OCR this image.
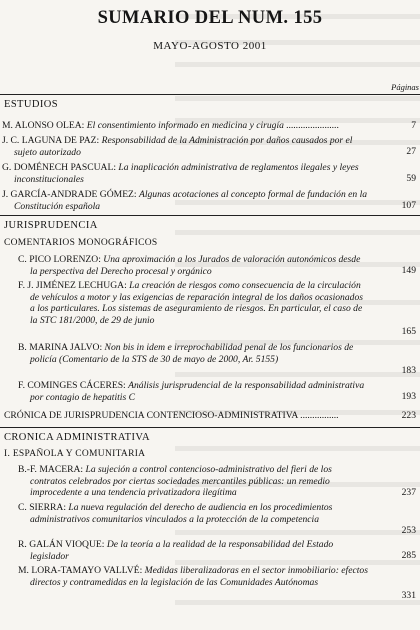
SUMARIO DEL NUM. 155
MAYO-AGOSTO 2001
Páginas
ESTUDIOS
M. ALONSO OLEA: El consentimiento informado en medicina y cirugía ......................	7
J. C. LAGUNA DE PAZ: Responsabilidad de la Administración por daños causados por el sujeto autorizado	27
G. DOMÉNECH PASCUAL: La inaplicación administrativa de reglamentos ilegales y leyes inconstitucionales	59
J. GARCÍA-ANDRADE GÓMEZ: Algunas acotaciones al concepto formal de fundación en la Constitución española	107
JURISPRUDENCIA
COMENTARIOS MONOGRÁFICOS
C. PICO LORENZO: Una aproximación a los Jurados de valoración autonómicos desde la perspectiva del Derecho procesal y orgánico	149
F. J. JIMÉNEZ LECHUGA: La creación de riesgos como consecuencia de la circulación de vehículos a motor y las exigencias de reparación integral de los daños ocasionados a los particulares. Los sistemas de aseguramiento de riesgos. En particular, el caso de la STC 181/2000, de 29 de junio
165
B. MARINA JALVO: Non bis in idem e irreprochabilidad penal de los funcionarios de policía (Comentario de la STS de 30 de mayo de 2000, Ar. 5155)
183
F. COMINGES CÁCERES: Análisis jurisprudencial de la responsabilidad administrativa por contagio de hepatitis C	193
CRÓNICA DE JURISPRUDENCIA CONTENCIOSO-ADMINISTRATIVA ................	223
CRONICA ADMINISTRATIVA
I. ESPAÑOLA Y COMUNITARIA
B.-F. MACERA: La sujeción a control contencioso-administrativo del fieri de los contratos celebrados por ciertas sociedades mercantiles públicas: un remedio improcedente a una tendencia privatizadora ilegítima	237
C. SIERRA: La nueva regulación del derecho de audiencia en los procedimientos administrativos comunitarios vinculados a la protección de la competencia
253
R. GALÁN VIOQUE: De la teoría a la realidad de la responsabilidad del Estado legislador	285
M. LORA-TAMAYO VALLVÉ: Medidas liberalizadoras en el sector inmobiliario: efectos directos y contramedidas en la legislación de las Comunidades Autónomas
331
